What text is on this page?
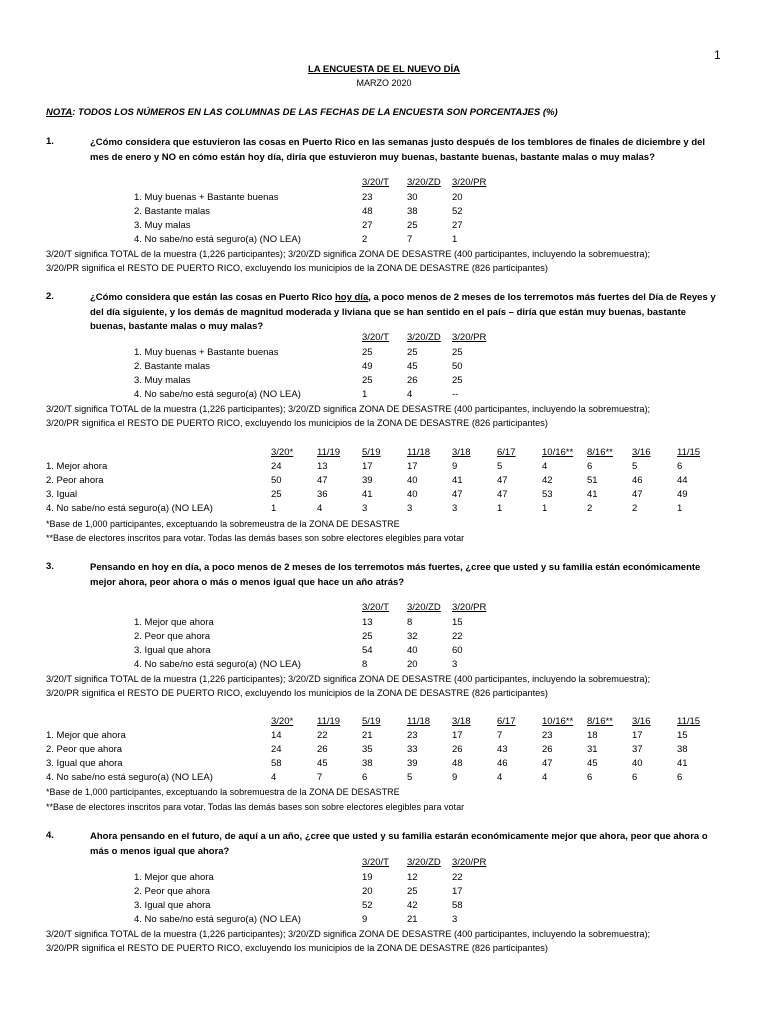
1
LA ENCUESTA DE EL NUEVO DÍA
MARZO 2020
NOTA: TODOS LOS NÚMEROS EN LAS COLUMNAS DE LAS FECHAS DE LA ENCUESTA SON PORCENTAJES (%)
1.	¿Cómo considera que estuvieron las cosas en Puerto Rico en las semanas justo después de los temblores de finales de diciembre y del mes de enero y NO en cómo están hoy día, diría que estuvieron muy buenas, bastante buenas, bastante malas o muy malas?
3/20/T 3/20/ZD 3/20/PR
1. Muy buenas + Bastante buenas	23	30	20
2. Bastante malas	48	38	52
3. Muy malas	27	25	27
4. No sabe/no está seguro(a) (NO LEA)	2	7	1
3/20/T significa TOTAL de la muestra (1,226 participantes); 3/20/ZD significa ZONA DE DESASTRE (400 participantes, incluyendo la sobremuestra);
3/20/PR significa el RESTO DE PUERTO RICO, excluyendo los municipios de la ZONA DE DESASTRE (826 participantes)
2.	¿Cómo considera que están las cosas en Puerto Rico hoy día, a poco menos de 2 meses de los terremotos más fuertes del Día de Reyes y del día siguiente, y los demás de magnitud moderada y liviana que se han sentido en el país – diría que están muy buenas, bastante buenas, bastante malas o muy malas?
3/20/T 3/20/ZD 3/20/PR
1. Muy buenas + Bastante buenas	25	25	25
2. Bastante malas	49	45	50
3. Muy malas	25	26	25
4. No sabe/no está seguro(a) (NO LEA)	1	4	--
3/20/T significa TOTAL de la muestra (1,226 participantes); 3/20/ZD significa ZONA DE DESASTRE (400 participantes, incluyendo la sobremuestra);
3/20/PR significa el RESTO DE PUERTO RICO, excluyendo los municipios de la ZONA DE DESASTRE (826 participantes)
3/20*	11/19 5/19	11/18 3/18	6/17	10/16** 8/16** 3/16	11/15
1. Mejor ahora	24	13	17	17	9	5	4	6	5	6
2. Peor ahora	50	47	39	40	41	47	42	51	46	44
3. Igual	25	36	41	40	47	47	53	41	47	49
4. No sabe/no está seguro(a) (NO LEA)	1	4	3	3	3	1	1	2	2	1
*Base de 1,000 participantes, exceptuando la sobremeustra de la ZONA DE DESASTRE
**Base de electores inscritos para votar. Todas las demás bases son sobre electores elegibles para votar
3.	Pensando en hoy en día, a poco menos de 2 meses de los terremotos más fuertes, ¿cree que usted y su familia están económicamente mejor ahora, peor ahora o más o menos igual que hace un año atrás?
3/20/T 3/20/ZD 3/20/PR
1. Mejor que ahora	13	8	15
2. Peor que ahora	25	32	22
3. Igual que ahora	54	40	60
4. No sabe/no está seguro(a) (NO LEA)	8	20	3
3/20/T significa TOTAL de la muestra (1,226 participantes); 3/20/ZD significa ZONA DE DESASTRE (400 participantes, incluyendo la sobremuestra);
3/20/PR significa el RESTO DE PUERTO RICO, excluyendo los municipios de la ZONA DE DESASTRE (826 participantes)
3/20*	11/19 5/19	11/18 3/18	6/17	10/16** 8/16** 3/16	11/15
1. Mejor que ahora	14	22	21	23	17	7	23	18	17	15
2. Peor que ahora	24	26	35	33	26	43	26	31	37	38
3. Igual que ahora	58	45	38	39	48	46	47	45	40	41
4. No sabe/no está seguro(a) (NO LEA)	4	7	6	5	9	4	4	6	6	6
*Base de 1,000 participantes, exceptuando la sobremuestra de la ZONA DE DESASTRE
**Base de electores inscritos para votar. Todas las demás bases son sobre electores elegibles para votar
4.	Ahora pensando en el futuro, de aquí a un año, ¿cree que usted y su familia estarán económicamente mejor que ahora, peor que ahora o más o menos igual que ahora?
3/20/T 3/20/ZD 3/20/PR
1. Mejor que ahora	19	12	22
2. Peor que ahora	20	25	17
3. Igual que ahora	52	42	58
4. No sabe/no está seguro(a) (NO LEA)	9	21	3
3/20/T significa TOTAL de la muestra (1,226 participantes); 3/20/ZD significa ZONA DE DESASTRE (400 participantes, incluyendo la sobremuestra);
3/20/PR significa el RESTO DE PUERTO RICO, excluyendo los municipios de la ZONA DE DESASTRE (826 participantes)
